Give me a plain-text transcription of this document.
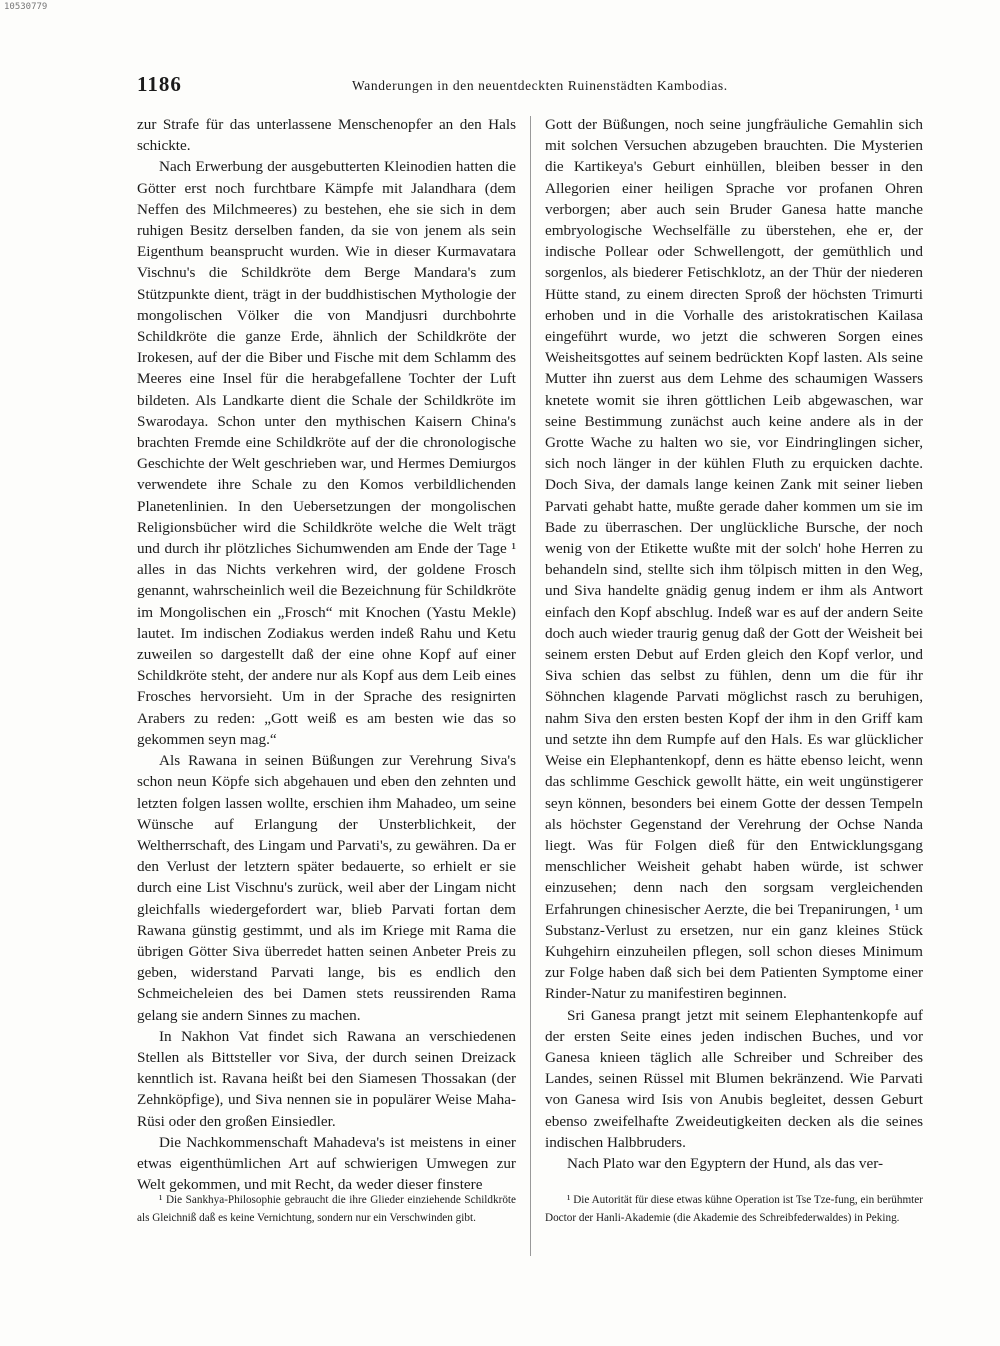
10530779
1186	Wanderungen in den neuentdeckten Ruinenstädten Kambodias.

zur Strafe für das unterlassene Menschenopfer an den Hals schickte.

Nach Erwerbung der ausgebutterten Kleinodien hatten die Götter erst noch furchtbare Kämpfe mit Jalandhara (dem Neffen des Milchmeeres) zu bestehen, ehe sie sich in dem ruhigen Besitz derselben fanden, da sie von jenem als sein Eigenthum beansprucht wurden. Wie in dieser Kurmavatara Vischnu's die Schildkröte dem Berge Mandara's zum Stützpunkte dient, trägt in der buddhistischen Mythologie der mongolischen Völker die von Mandjusri durchbohrte Schildkröte die ganze Erde, ähnlich der Schildkröte der Irokesen, auf der die Biber und Fische mit dem Schlamm des Meeres eine Insel für die herabgefallene Tochter der Luft bildeten. Als Landkarte dient die Schale der Schildkröte im Swarodaya. Schon unter den mythischen Kaisern China's brachten Fremde eine Schildkröte auf der die chronologische Geschichte der Welt geschrieben war, und Hermes Demiurgos verwendete ihre Schale zu den Komos verbildlichenden Planetenlinien. In den Uebersetzungen der mongolischen Religionsbücher wird die Schildkröte welche die Welt trägt und durch ihr plötzliches Sichumwenden am Ende der Tage ¹ alles in das Nichts verkehren wird, der goldene Frosch genannt, wahrscheinlich weil die Bezeichnung für Schildkröte im Mongolischen ein „Frosch“ mit Knochen (Yastu Mekle) lautet. Im indischen Zodiakus werden indeß Rahu und Ketu zuweilen so dargestellt daß der eine ohne Kopf auf einer Schildkröte steht, der andere nur als Kopf aus dem Leib eines Frosches hervorsieht. Um in der Sprache des resignirten Arabers zu reden: „Gott weiß es am besten wie das so gekommen seyn mag.“

Als Rawana in seinen Büßungen zur Verehrung Siva's schon neun Köpfe sich abgehauen und eben den zehnten und letzten folgen lassen wollte, erschien ihm Mahadeo, um seine Wünsche auf Erlangung der Unsterblichkeit, der Weltherrschaft, des Lingam und Parvati's, zu gewähren. Da er den Verlust der letztern später bedauerte, so erhielt er sie durch eine List Vischnu's zurück, weil aber der Lingam nicht gleichfalls wiedergefordert war, blieb Parvati fortan dem Rawana günstig gestimmt, und als im Kriege mit Rama die übrigen Götter Siva überredet hatten seinen Anbeter Preis zu geben, widerstand Parvati lange, bis es endlich den Schmeicheleien des bei Damen stets reussirenden Rama gelang sie andern Sinnes zu machen.

In Nakhon Vat findet sich Rawana an verschiedenen Stellen als Bittsteller vor Siva, der durch seinen Dreizack kenntlich ist. Ravana heißt bei den Siamesen Thossakan (der Zehnköpfige), und Siva nennen sie in populärer Weise Maha-Rüsi oder den großen Einsiedler.

Die Nachkommenschaft Mahadeva's ist meistens in einer etwas eigenthümlichen Art auf schwierigen Umwegen zur Welt gekommen, und mit Recht, da weder dieser finstere

Gott der Büßungen, noch seine jungfräuliche Gemahlin sich mit solchen Versuchen abzugeben brauchten. Die Mysterien die Kartikeya's Geburt einhüllen, bleiben besser in den Allegorien einer heiligen Sprache vor profanen Ohren verborgen; aber auch sein Bruder Ganesa hatte manche embryologische Wechselfälle zu überstehen, ehe er, der indische Pollear oder Schwellengott, der gemüthlich und sorgenlos, als biederer Fetischklotz, an der Thür der niederen Hütte stand, zu einem directen Sproß der höchsten Trimurti erhoben und in die Vorhalle des aristokratischen Kailasa eingeführt wurde, wo jetzt die schweren Sorgen eines Weisheitsgottes auf seinem bedrückten Kopf lasten. Als seine Mutter ihn zuerst aus dem Lehme des schaumigen Wassers knetete womit sie ihren göttlichen Leib abgewaschen, war seine Bestimmung zunächst auch keine andere als in der Grotte Wache zu halten wo sie, vor Eindringlingen sicher, sich noch länger in der kühlen Fluth zu erquicken dachte. Doch Siva, der damals lange keinen Zank mit seiner lieben Parvati gehabt hatte, mußte gerade daher kommen um sie im Bade zu überraschen. Der unglückliche Bursche, der noch wenig von der Etikette wußte mit der solch' hohe Herren zu behandeln sind, stellte sich ihm tölpisch mitten in den Weg, und Siva handelte gnädig genug indem er ihm als Antwort einfach den Kopf abschlug. Indeß war es auf der andern Seite doch auch wieder traurig genug daß der Gott der Weisheit bei seinem ersten Debut auf Erden gleich den Kopf verlor, und Siva schien das selbst zu fühlen, denn um die für ihr Söhnchen klagende Parvati möglichst rasch zu beruhigen, nahm Siva den ersten besten Kopf der ihm in den Griff kam und setzte ihn dem Rumpfe auf den Hals. Es war glücklicher Weise ein Elephantenkopf, denn es hätte ebenso leicht, wenn das schlimme Geschick gewollt hätte, ein weit ungünstigerer seyn können, besonders bei einem Gotte der dessen Tempeln als höchster Gegenstand der Verehrung der Ochse Nanda liegt. Was für Folgen dieß für den Entwicklungsgang menschlicher Weisheit gehabt haben würde, ist schwer einzusehen; denn nach den sorgsam vergleichenden Erfahrungen chinesischer Aerzte, die bei Trepanirungen, ¹ um Substanz-Verlust zu ersetzen, nur ein ganz kleines Stück Kuhgehirn einzuheilen pflegen, soll schon dieses Minimum zur Folge haben daß sich bei dem Patienten Symptome einer Rinder-Natur zu manifestiren beginnen.

Sri Ganesa prangt jetzt mit seinem Elephantenkopfe auf der ersten Seite eines jeden indischen Buches, und vor Ganesa knieen täglich alle Schreiber und Schreiber des Landes, seinen Rüssel mit Blumen bekränzend. Wie Parvati von Ganesa wird Isis von Anubis begleitet, dessen Geburt ebenso zweifelhafte Zweideutigkeiten decken als die seines indischen Halbbruders.

Nach Plato war den Egyptern der Hund, als das ver-

¹ Die Sankhya-Philosophie gebraucht die ihre Glieder einziehende Schildkröte als Gleichniß daß es keine Vernichtung, sondern nur ein Verschwinden gibt.

¹ Die Autorität für diese etwas kühne Operation ist Tse Tze-fung, ein berühmter Doctor der Hanli-Akademie (die Akademie des Schreibfederwaldes) in Peking.
